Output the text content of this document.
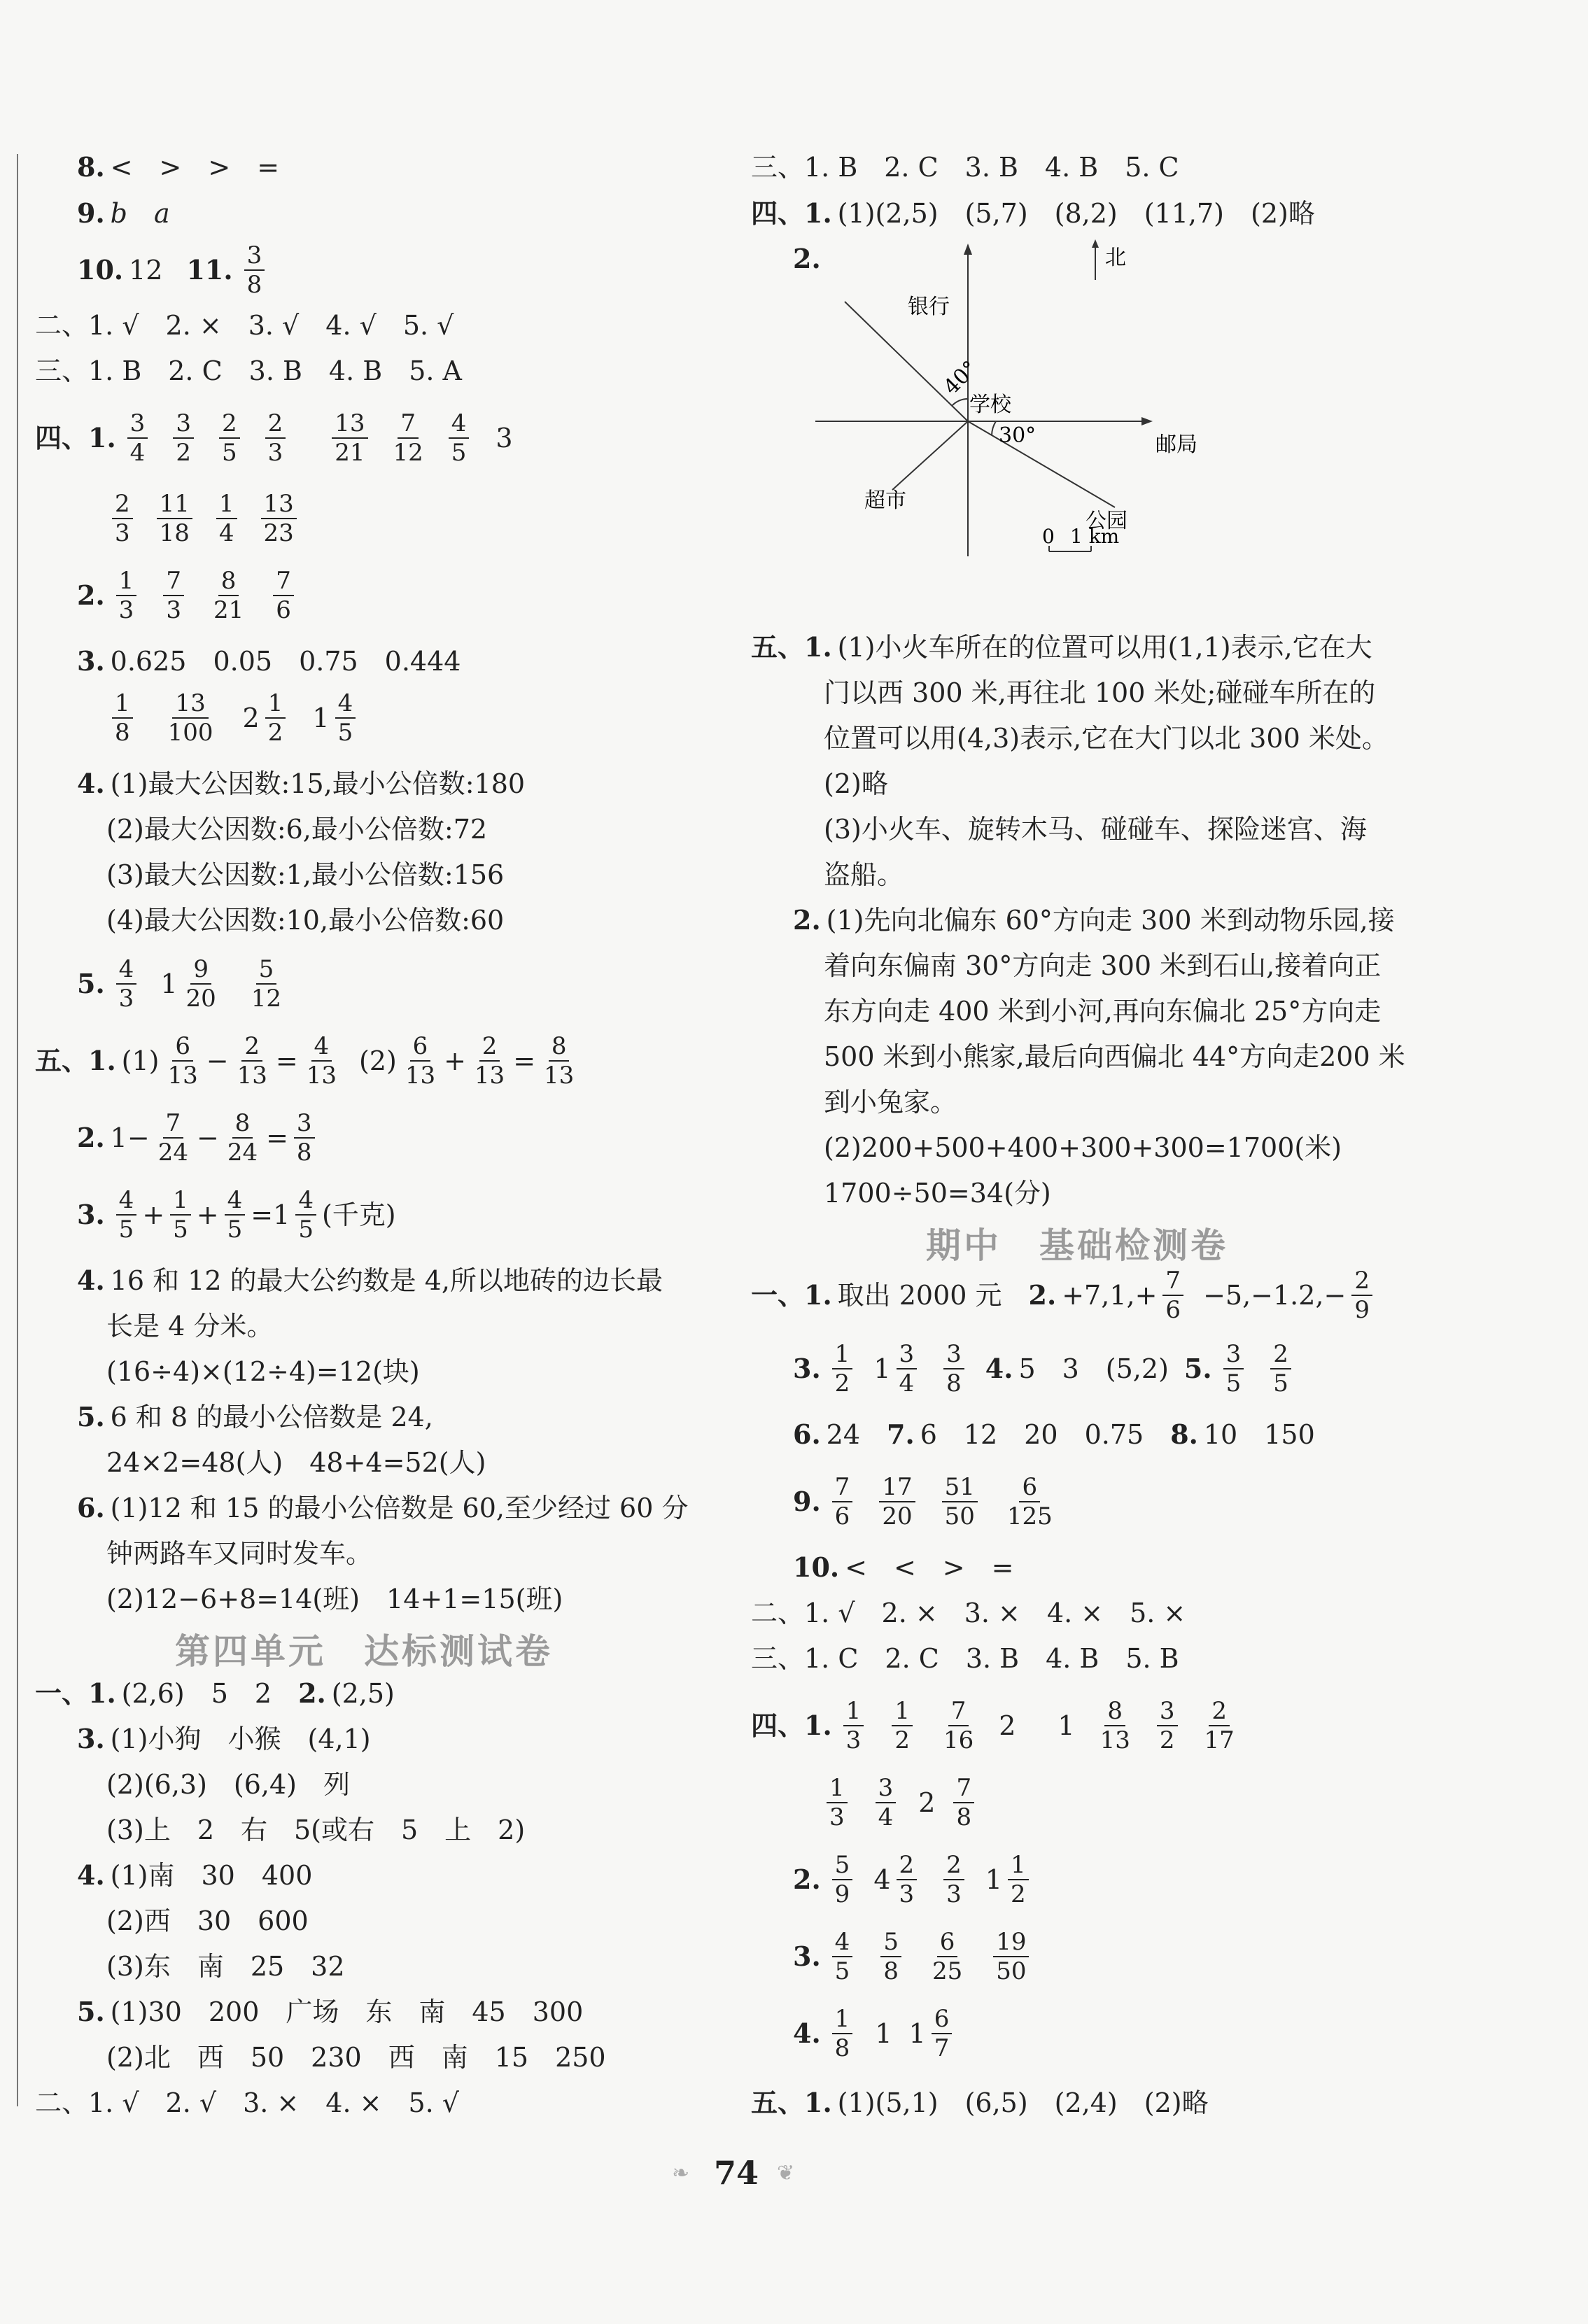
8. <　>　>　=
9. b　a
10. 12 11. 3
8
二、1. √　2. ×　3. √　4. √　5. √
三、1. B　2. C　3. B　4. B　5. A
四、1. 3
4
3
2
2
5
2
3
13
21
7
12
4
5 3
2
3
11
18
1
4
13
23
2. 1
3
7
3
8
21
7
6
3. 0.625　0.05　0.75　0.444
1
8
13
100 2 1
2 1 4
5
4. (1)最大公因数:15,最小公倍数:180
(2)最大公因数:6,最小公倍数:72
(3)最大公因数:1,最小公倍数:156
(4)最大公因数:10,最小公倍数:60
5. 4
3 1 9
20
5
12
五、1. (1) 6
$13 - \frac{2}{13} = \frac{4}{13} (2)$ 6
$13 + \frac{2}{13} = \frac{8}{13}$
2. $1- \frac{7}{24} - \frac{8}{24} = \frac{3}{8}$
3. 4
$5 + \frac{1}{5} + \frac{4}{5} =1$ 4
5 (千克)
4. 16 和 12 的最大公约数是 4,所以地砖的边长最
长是 4 分米。
(16÷4)×(12÷4)=12(块)
5. 6 和 8 的最小公倍数是 24,
24×2=48(人)　48+4=52(人)
6. (1)12 和 15 的最小公倍数是 60,至少经过 60 分
钟两路车又同时发车。
(2)12−6+8=14(班)　14+1=15(班)
第四单元　达标测试卷
一、1. (2,6)　5　2　 2. (2,5)
3. (1)小狗　小猴　(4,1)
(2)(6,3)　(6,4)　列
(3)上　2　右　5(或右　5　上　2)
4. (1)南　30　400
(2)西　30　600
(3)东　南　25　32
5. (1)30　200　广场　东　南　45　300
(2)北　西　50　230　西　南　15　250
二、1. √　2. √　3. ×　4. ×　5. √
三、1. B　2. C　3. B　4. B　5. C
四、1. (1)(2,5)　(5,7)　(8,2)　(11,7)　(2)略
2.	北
银行
学校
邮局
超市
公园
40°
30°
0 1 km
五、1. (1)小火车所在的位置可以用(1,1)表示,它在大
门以西 300 米,再往北 100 米处;碰碰车所在的
位置可以用(4,3)表示,它在大门以北 300 米处。
(2)略
(3)小火车、旋转木马、碰碰车、探险迷宫、海
盗船。
2. (1)先向北偏东 60°方向走 300 米到动物乐园,接
着向东偏南 30°方向走 300 米到石山,接着向正
东方向走 400 米到小河,再向东偏北 25°方向走
500 米到小熊家,最后向西偏北 44°方向走200 米
到小兔家。
(2)200+500+400+300+300=1700(米)
1700÷50=34(分)
期中　基础检测卷
一、1. 取出 2000 元　 2. $+7,1,+ \frac{7}{6} -5,-1.2,- \frac{2}{9}$
3. 1
2 1 3
4
3
8 4. 5　3　(5,2) 5. 3
5
2
5
6. 24　 7. 6　12　20　0.75　 8. 10　150
9. 7
6
17
20
51
50
6
125
10. <　<　>　=
二、1. √　2. ×　3. ×　4. ×　5. ×
三、1. C　2. C　3. B　4. B　5. B
四、1. 1
3
1
2
7
16 2 1 8
13
3
2
2
17
1
3
3
4 2 7
8
2. 5
9 4 2
3
2
3 1 1
2
3. 4
5
5
8
6
25
19
50
4. 1
8 1 1 6
7
五、1. (1)(5,1)　(6,5)　(2,4)　(2)略
❧ 74 ❦
